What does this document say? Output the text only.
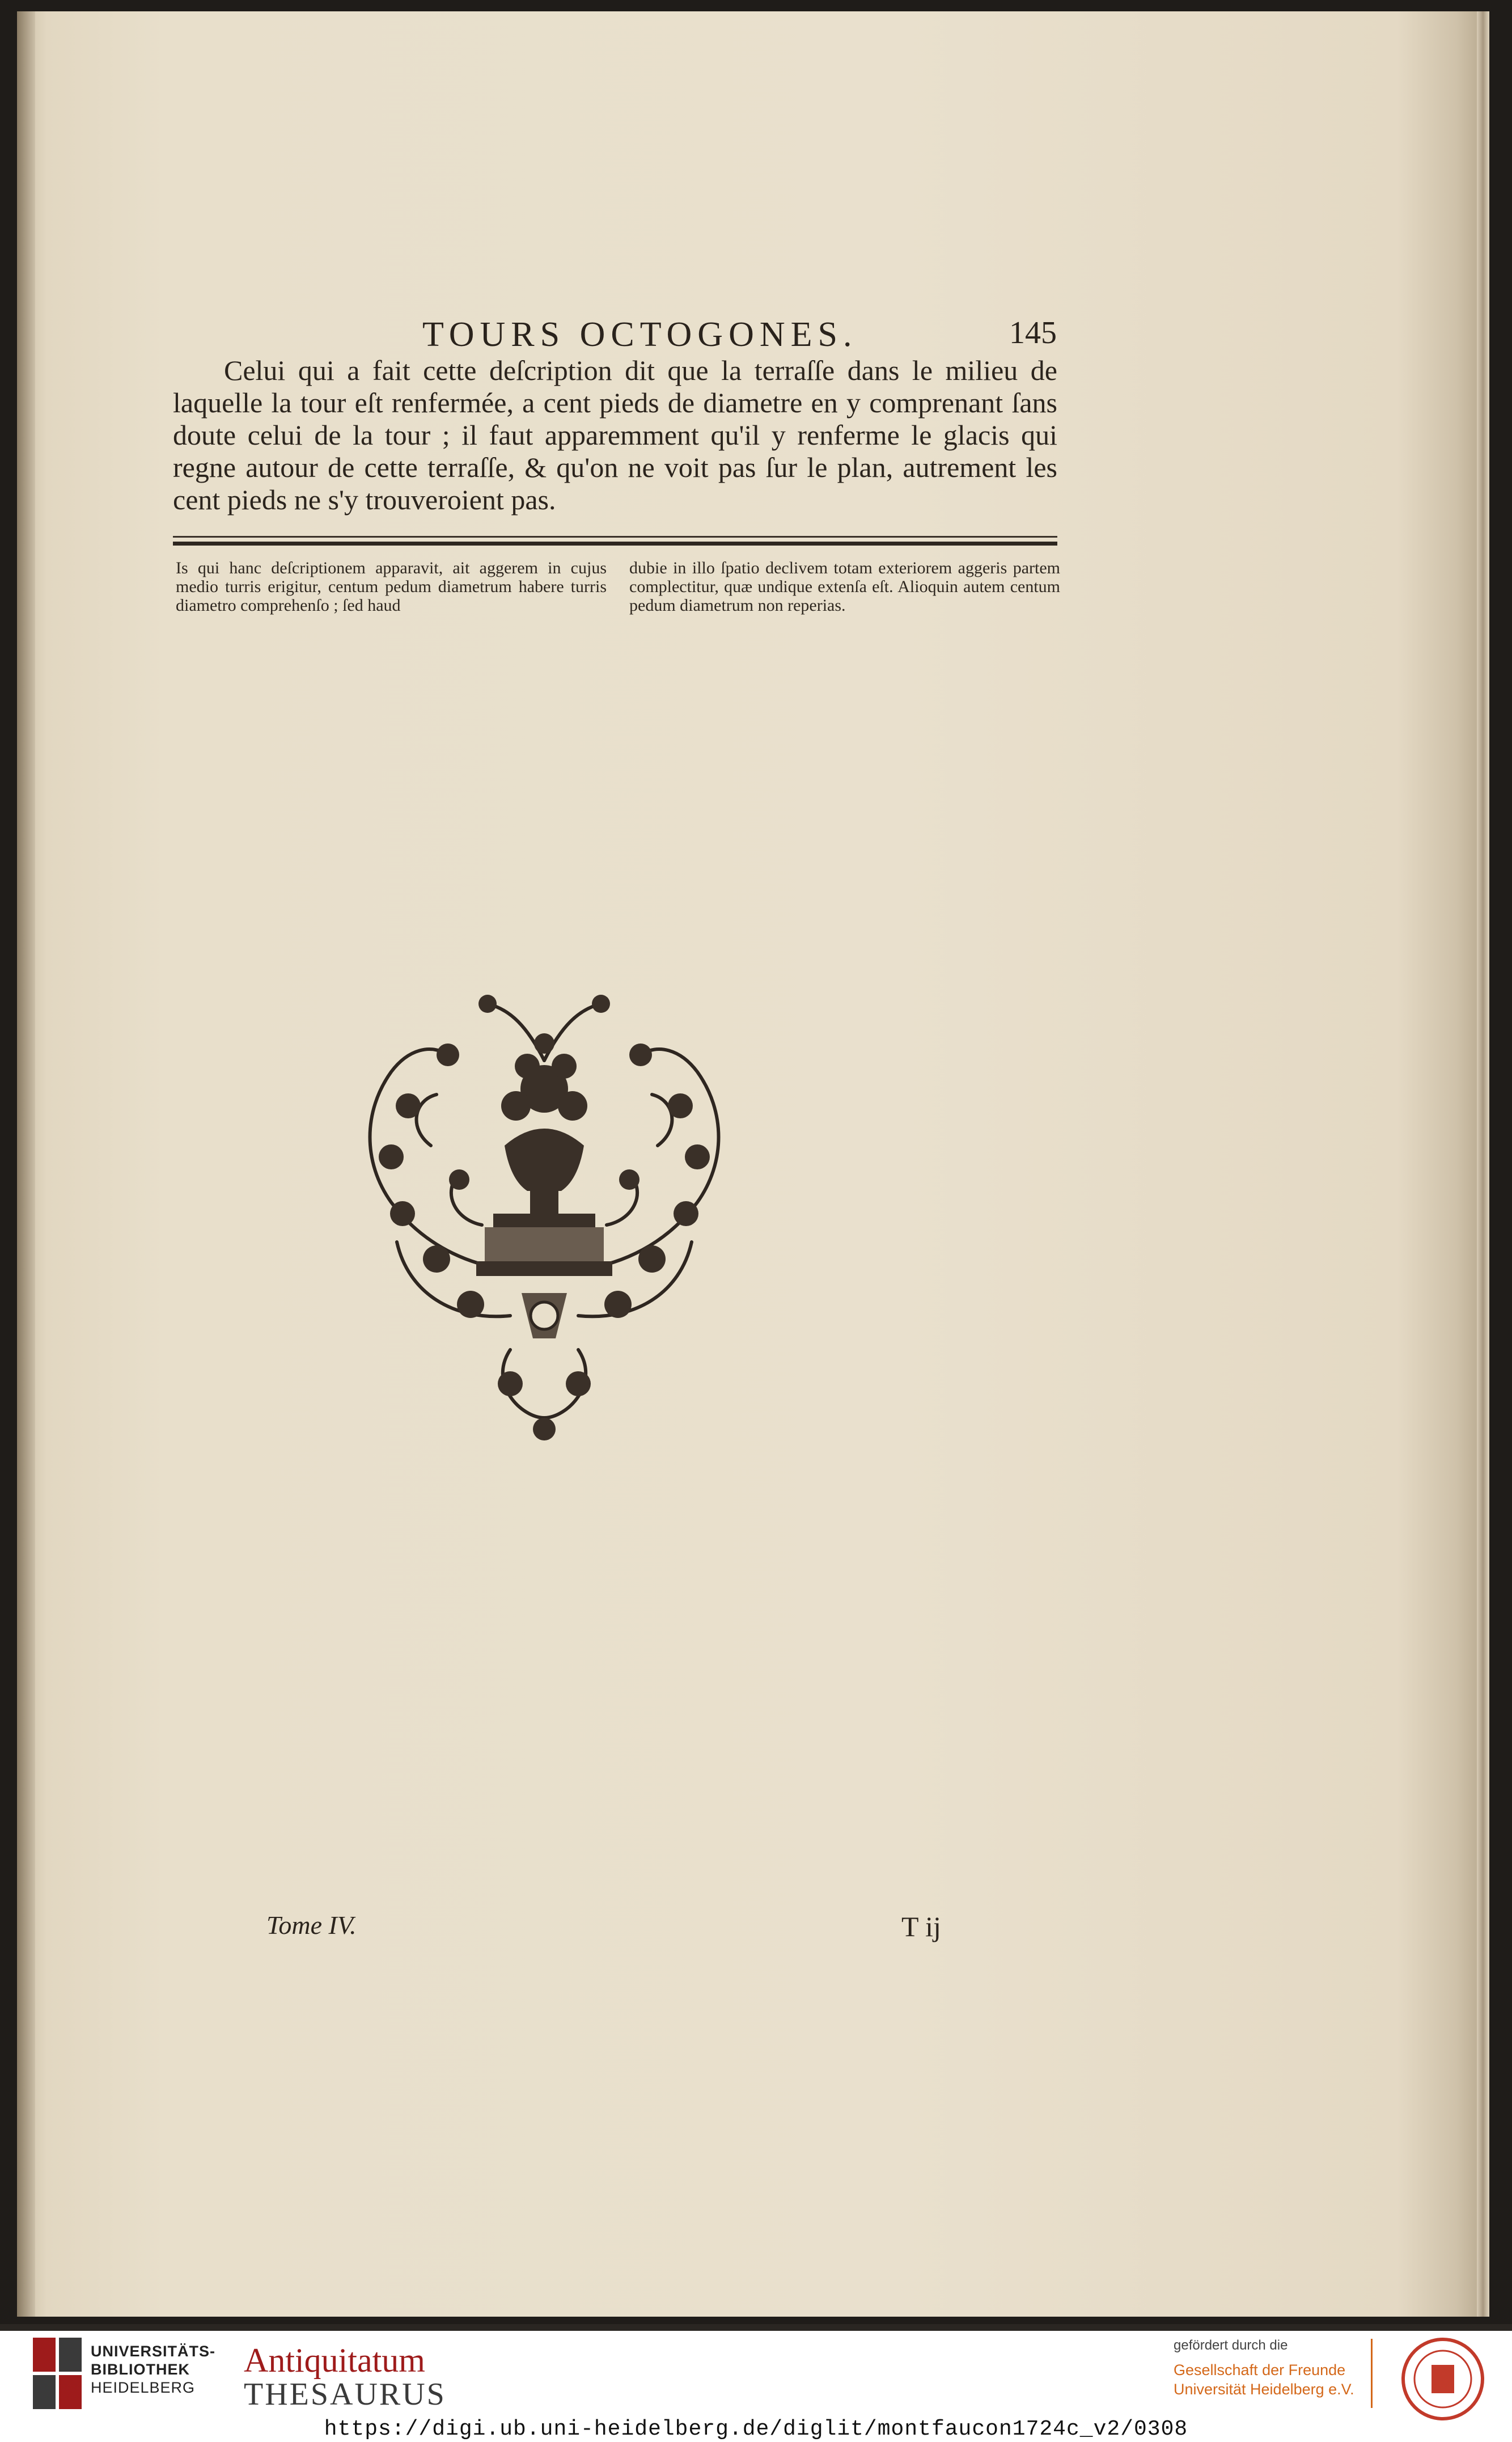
TOURS OCTOGONES.	145
Celui qui a fait cette deſcription dit que la terraſſe dans le milieu de laquelle la tour eſt renfermée, a cent pieds de diametre en y comprenant ſans doute celui de la tour ; il faut apparemment qu'il y renferme le glacis qui regne autour de cette terraſſe, & qu'on ne voit pas ſur le plan, autrement les cent pieds ne s'y trouveroient pas.
Is qui hanc deſcriptionem apparavit, ait aggerem in cujus medio turris erigitur, centum pedum diametrum habere turris diametro comprehenſo ; ſed haud
dubie in illo ſpatio declivem totam exteriorem aggeris partem complectitur, quæ undique extenſa eſt. Alioquin autem centum pedum diametrum non reperias.
Tome IV.	T ij
UNIVERSITÄTS-
BIBLIOTHEK
HEIDELBERG
Antiquitatum
THESAURUS
gefördert durch die
Gesellschaft der Freunde
Universität Heidelberg e.V.
https://digi.ub.uni-heidelberg.de/diglit/montfaucon1724c_v2/0308
